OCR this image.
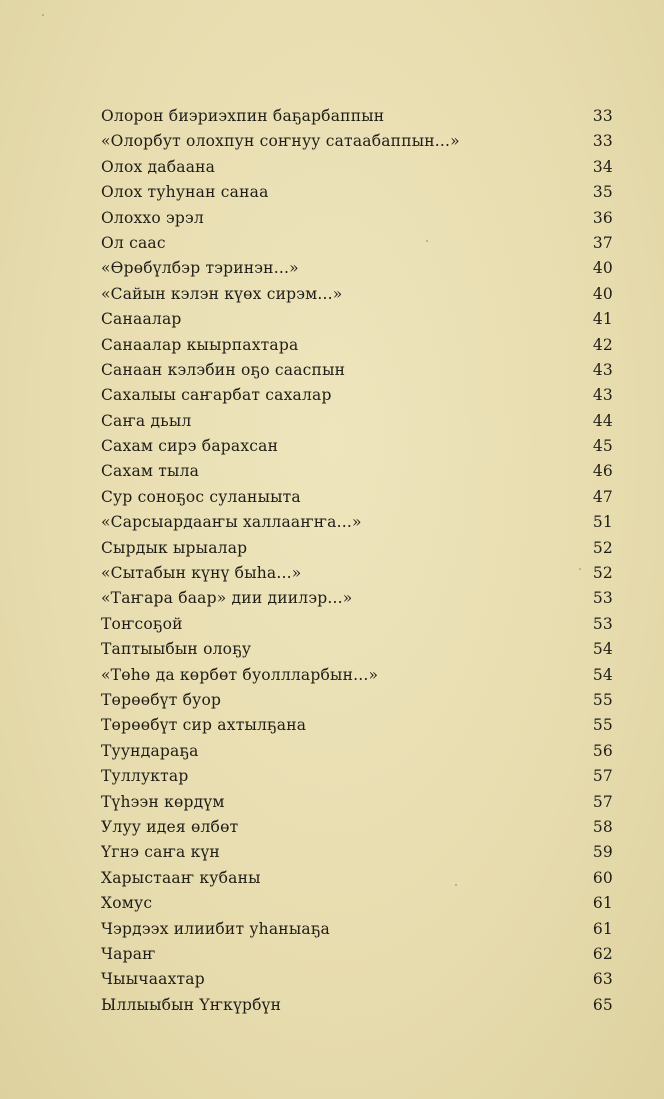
Олорон биэриэхпин баҕарбаппын	33
«Олорбут олохпун соҥнуу сатаабаппын...»	33
Олох дабаана	34
Олох туһунан санаа	35
Олоххо эрэл	36
Ол саас	37
«Өрөбүлбэр тэринэн...»	40
«Сайын кэлэн күөх сирэм...»	40
Санаалар	41
Санаалар кыырпахтара	42
Санаан кэлэбин оҕо сааспын	43
Сахалыы саҥарбат сахалар	43
Саҥа дьыл	44
Сахам сирэ барахсан	45
Сахам тыла	46
Сур соноҕос суланыыта	47
«Сарсыардааҥы халлааҥҥа...»	51
Сырдык ырыалар	52
«Сытабын күнү быһа...»	52
«Таҥара баар» дии диилэр...»	53
Тоҥсоҕой	53
Таптыыбын олоҕу	54
«Төһө да көрбөт буоллларбын...»	54
Төрөөбүт буор	55
Төрөөбүт сир ахтылҕана	55
Туундараҕа	56
Туллуктар	57
Түһээн көрдүм	57
Улуу идея өлбөт	58
Үгнэ саҥа күн	59
Харыстааҥ кубаны	60
Хомус	61
Чэрдээх илиибит уһаныаҕа	61
Чараҥ	62
Чыычаахтар	63
Ыллыыбын Үҥкүрбүн	65
